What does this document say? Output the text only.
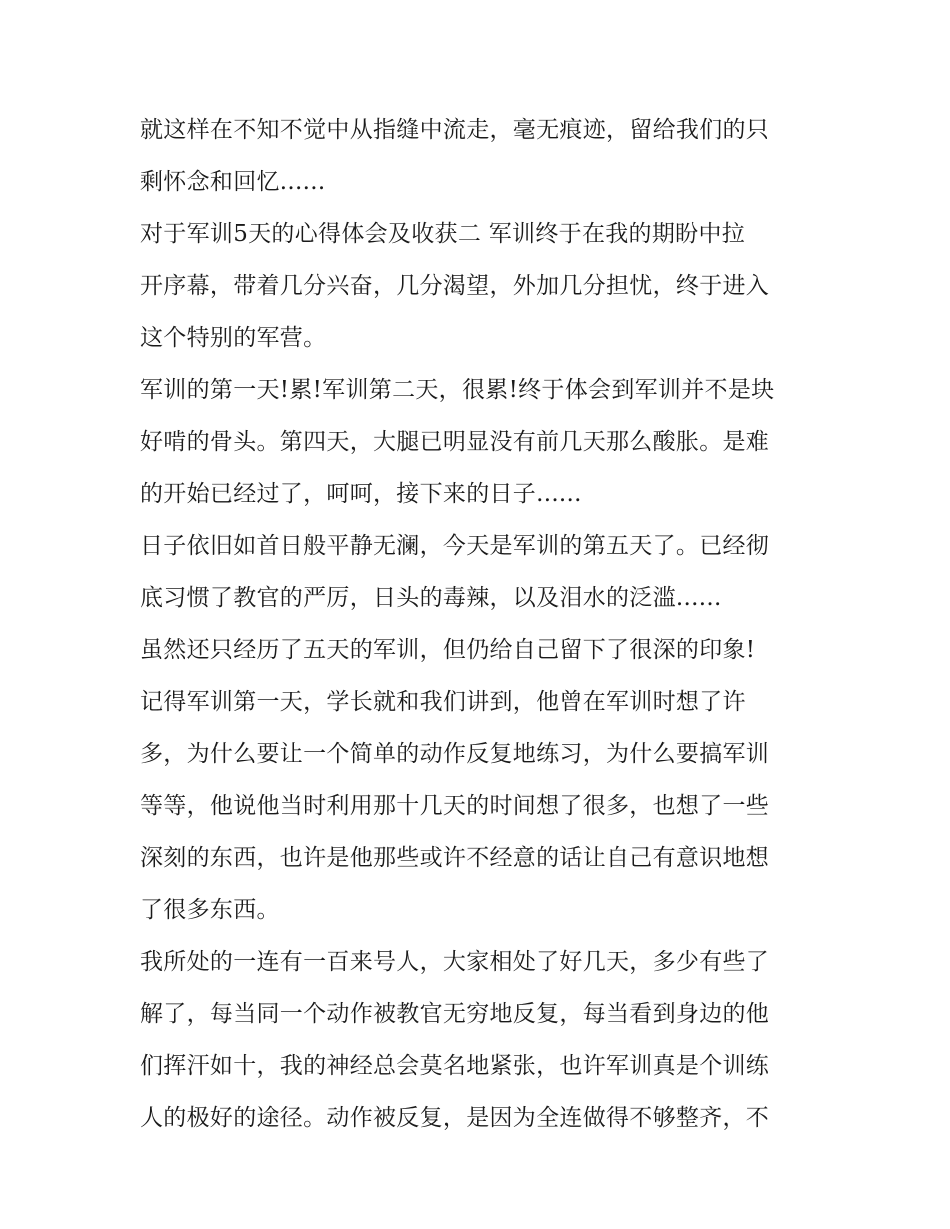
就这样在不知不觉中从指缝中流走，毫无痕迹，留给我们的只
剩怀念和回忆......
对于军训5天的心得体会及收获二 军训终于在我的期盼中拉
开序幕，带着几分兴奋，几分渴望，外加几分担忧，终于进入
这个特别的军营。
军训的第一天!累!军训第二天，很累!终于体会到军训并不是块
好啃的骨头。第四天，大腿已明显没有前几天那么酸胀。是难
的开始已经过了，呵呵，接下来的日子......
日子依旧如首日般平静无澜，今天是军训的第五天了。已经彻
底习惯了教官的严厉，日头的毒辣，以及泪水的泛滥......
虽然还只经历了五天的军训，但仍给自己留下了很深的印象!
记得军训第一天，学长就和我们讲到，他曾在军训时想了许
多，为什么要让一个简单的动作反复地练习，为什么要搞军训
等等，他说他当时利用那十几天的时间想了很多，也想了一些
深刻的东西，也许是他那些或许不经意的话让自己有意识地想
了很多东西。
我所处的一连有一百来号人，大家相处了好几天，多少有些了
解了，每当同一个动作被教官无穷地反复，每当看到身边的他
们挥汗如十，我的神经总会莫名地紧张，也许军训真是个训练
人的极好的途径。动作被反复，是因为全连做得不够整齐，不
